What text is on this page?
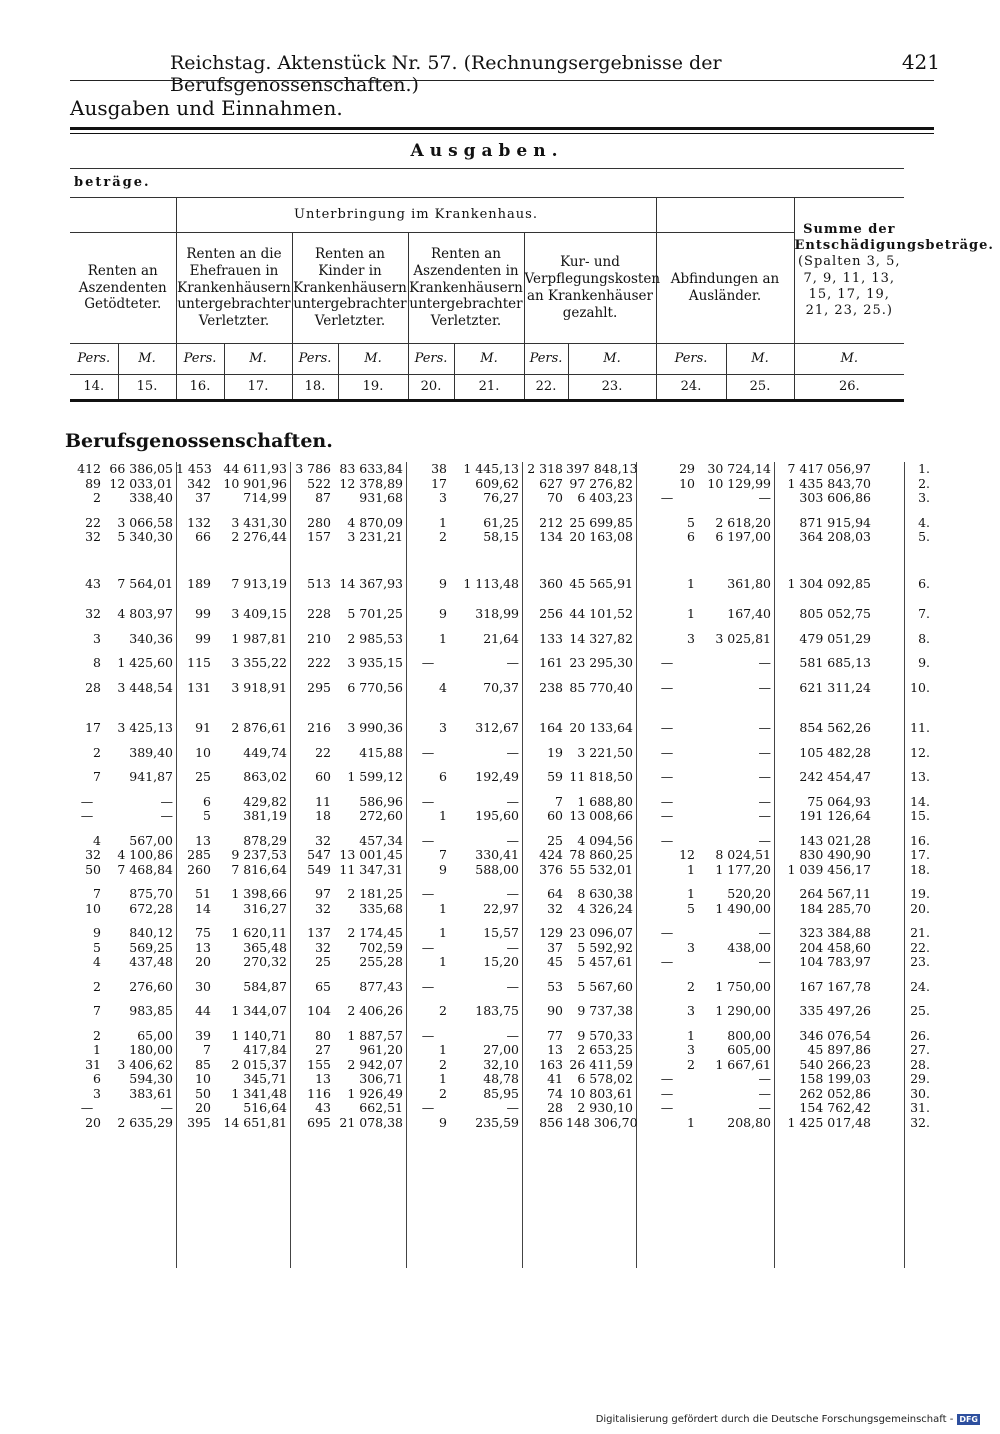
Reichstag. Aktenstück Nr. 57. (Rechnungsergebnisse der Berufsgenossenschaften.)
421
Ausgaben und Einnahmen.
Ausgaben.												
beträge.												
		Unterbringung im Krankenhaus.										Summe der Entschädigungsbeträge.
(Spalten 3, 5, 7, 9, 11, 13, 15, 17, 19, 21, 23, 25.)

Renten an Aszendenten Getödteter.		Renten an die Ehefrauen in Krankenhäusern untergebrachter Verletzter.		Renten an Kinder in Krankenhäusern untergebrachter Verletzter.		Renten an Aszendenten in Krankenhäusern untergebrachter Verletzter.		Kur- und Verpflegungskosten an Krankenhäuser gezahlt.		Abfindungen an Ausländer.		
Pers.	M.	Pers.	M.	Pers.	M.	Pers.	M.	Pers.	M.	Pers.	M.	M.
14.	15.	16.	17.	18.	19.	20.	21.	22.	23.	24.	25.	26.
Berufsgenossenschaften.
412	66 386,05	1 453	44 611,93	3 786	83 633,84	38	1 445,13	2 318	397 848,13	29	30 724,14	7 417 056,97	1.
89	12 033,01	342	10 901,96	522	12 378,89	17	609,62	627	97 276,82	10	10 129,99	1 435 843,70	2.
2	338,40	37	714,99	87	931,68	3	76,27	70	6 403,23	—	—	303 606,86	3.

22	3 066,58	132	3 431,30	280	4 870,09	1	61,25	212	25 699,85	5	2 618,20	871 915,94	4.
32	5 340,30	66	2 276,44	157	3 231,21	2	58,15	134	20 163,08	6	6 197,00	364 208,03	5.

43	7 564,01	189	7 913,19	513	14 367,93	9	1 113,48	360	45 565,91	1	361,80	1 304 092,85	6.

32	4 803,97	99	3 409,15	228	5 701,25	9	318,99	256	44 101,52	1	167,40	805 052,75	7.

3	340,36	99	1 987,81	210	2 985,53	1	21,64	133	14 327,82	3	3 025,81	479 051,29	8.

8	1 425,60	115	3 355,22	222	3 935,15	—	—	161	23 295,30	—	—	581 685,13	9.

28	3 448,54	131	3 918,91	295	6 770,56	4	70,37	238	85 770,40	—	—	621 311,24	10.

17	3 425,13	91	2 876,61	216	3 990,36	3	312,67	164	20 133,64	—	—	854 562,26	11.

2	389,40	10	449,74	22	415,88	—	—	19	3 221,50	—	—	105 482,28	12.

7	941,87	25	863,02	60	1 599,12	6	192,49	59	11 818,50	—	—	242 454,47	13.

—	—	6	429,82	11	586,96	—	—	7	1 688,80	—	—	75 064,93	14.
—	—	5	381,19	18	272,60	1	195,60	60	13 008,66	—	—	191 126,64	15.

4	567,00	13	878,29	32	457,34	—	—	25	4 094,56	—	—	143 021,28	16.
32	4 100,86	285	9 237,53	547	13 001,45	7	330,41	424	78 860,25	12	8 024,51	830 490,90	17.
50	7 468,84	260	7 816,64	549	11 347,31	9	588,00	376	55 532,01	1	1 177,20	1 039 456,17	18.

7	875,70	51	1 398,66	97	2 181,25	—	—	64	8 630,38	1	520,20	264 567,11	19.
10	672,28	14	316,27	32	335,68	1	22,97	32	4 326,24	5	1 490,00	184 285,70	20.

9	840,12	75	1 620,11	137	2 174,45	1	15,57	129	23 096,07	—	—	323 384,88	21.
5	569,25	13	365,48	32	702,59	—	—	37	5 592,92	3	438,00	204 458,60	22.
4	437,48	20	270,32	25	255,28	1	15,20	45	5 457,61	—	—	104 783,97	23.

2	276,60	30	584,87	65	877,43	—	—	53	5 567,60	2	1 750,00	167 167,78	24.

7	983,85	44	1 344,07	104	2 406,26	2	183,75	90	9 737,38	3	1 290,00	335 497,26	25.

2	65,00	39	1 140,71	80	1 887,57	—	—	77	9 570,33	1	800,00	346 076,54	26.
1	180,00	7	417,84	27	961,20	1	27,00	13	2 653,25	3	605,00	45 897,86	27.
31	3 406,62	85	2 015,37	155	2 942,07	2	32,10	163	26 411,59	2	1 667,61	540 266,23	28.
6	594,30	10	345,71	13	306,71	1	48,78	41	6 578,02	—	—	158 199,03	29.
3	383,61	50	1 341,48	116	1 926,49	2	85,95	74	10 803,61	—	—	262 052,86	30.
—	—	20	516,64	43	662,51	—	—	28	2 930,10	—	—	154 762,42	31.
20	2 635,29	395	14 651,81	695	21 078,38	9	235,59	856	148 306,70	1	208,80	1 425 017,48	32.
Digitalisierung gefördert durch die Deutsche Forschungsgemeinschaft - DFG
